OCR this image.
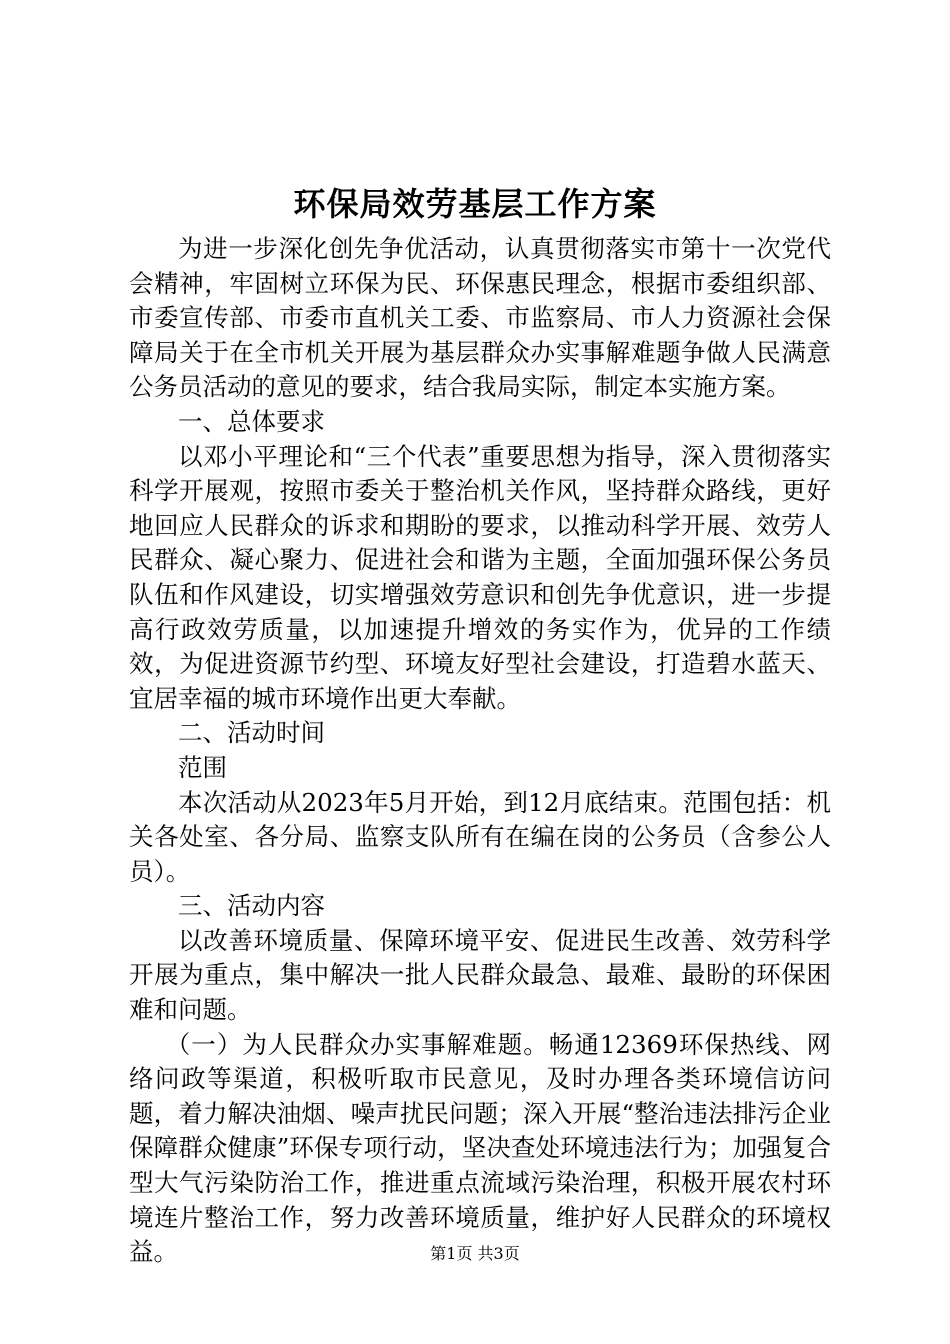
环保局效劳基层工作方案

为进一步深化创先争优活动，认真贯彻落实市第十一次党代会精神，牢固树立环保为民、环保惠民理念，根据市委组织部、市委宣传部、市委市直机关工委、市监察局、市人力资源社会保障局关于在全市机关开展为基层群众办实事解难题争做人民满意公务员活动的意见的要求，结合我局实际，制定本实施方案。

一、总体要求

以邓小平理论和“三个代表”重要思想为指导，深入贯彻落实科学开展观，按照市委关于整治机关作风，坚持群众路线，更好地回应人民群众的诉求和期盼的要求，以推动科学开展、效劳人民群众、凝心聚力、促进社会和谐为主题，全面加强环保公务员队伍和作风建设，切实增强效劳意识和创先争优意识，进一步提高行政效劳质量，以加速提升增效的务实作为，优异的工作绩效，为促进资源节约型、环境友好型社会建设，打造碧水蓝天、宜居幸福的城市环境作出更大奉献。

二、活动时间

范围

本次活动从2023年5月开始，到12月底结束。范围包括：机关各处室、各分局、监察支队所有在编在岗的公务员（含参公人员）。

三、活动内容

以改善环境质量、保障环境平安、促进民生改善、效劳科学开展为重点，集中解决一批人民群众最急、最难、最盼的环保困难和问题。

（一）为人民群众办实事解难题。畅通12369环保热线、网络问政等渠道，积极听取市民意见，及时办理各类环境信访问题，着力解决油烟、噪声扰民问题；深入开展“整治违法排污企业保障群众健康”环保专项行动，坚决查处环境违法行为；加强复合型大气污染防治工作，推进重点流域污染治理，积极开展农村环境连片整治工作，努力改善环境质量，维护好人民群众的环境权益。	第1页 共3页
